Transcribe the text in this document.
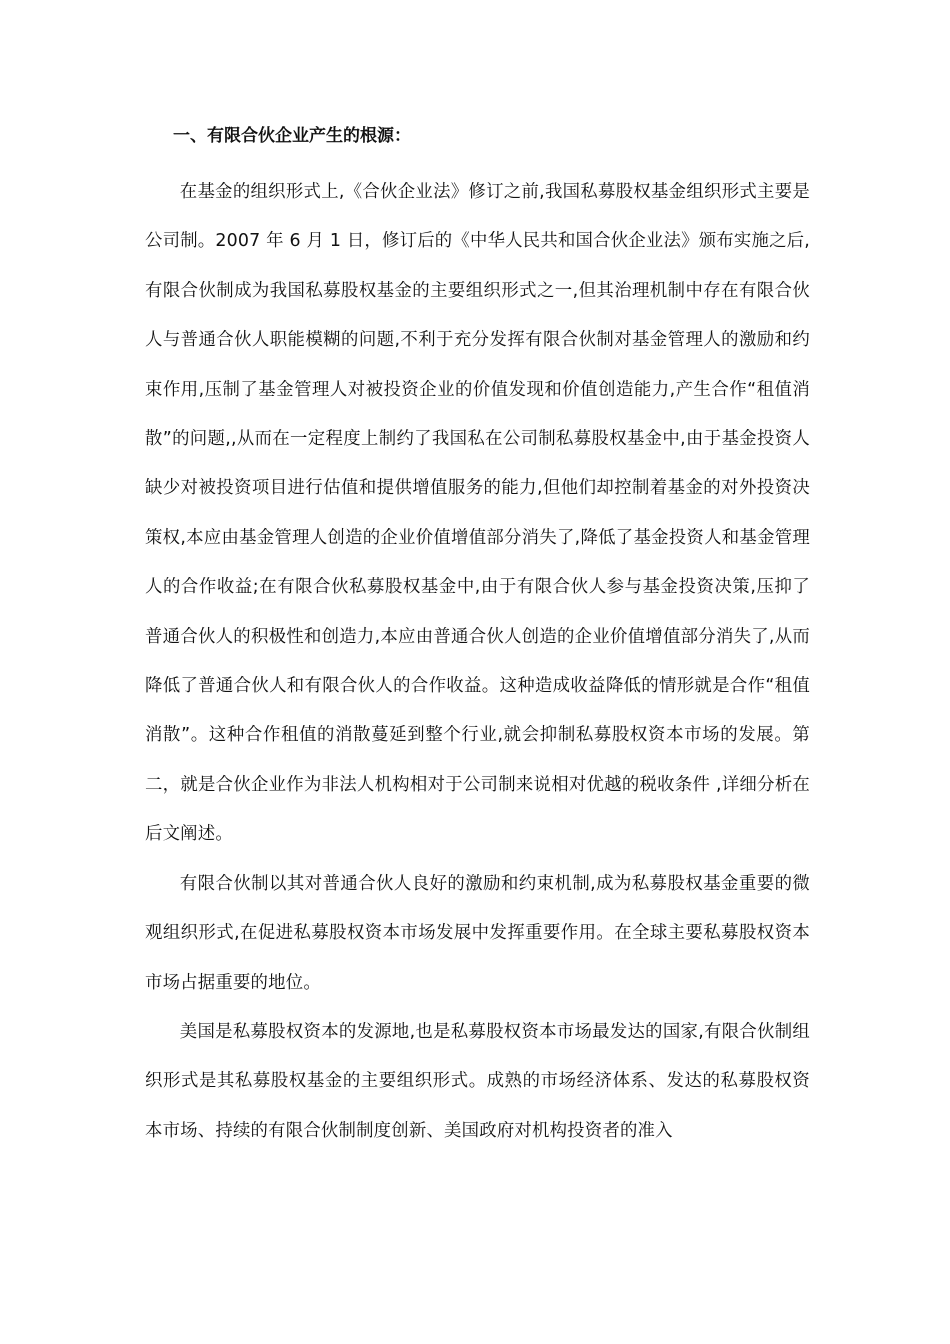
一、有限合伙企业产生的根源：

在基金的组织形式上,《合伙企业法》修订之前,我国私募股权基金组织形式主要是公司制。2007 年 6 月 1 日，修订后的《中华人民共和国合伙企业法》颁布实施之后,有限合伙制成为我国私募股权基金的主要组织形式之一,但其治理机制中存在有限合伙人与普通合伙人职能模糊的问题,不利于充分发挥有限合伙制对基金管理人的激励和约束作用,压制了基金管理人对被投资企业的价值发现和价值创造能力,产生合作“租值消散”的问题,,从而在一定程度上制约了我国私在公司制私募股权基金中,由于基金投资人缺少对被投资项目进行估值和提供增值服务的能力,但他们却控制着基金的对外投资决策权,本应由基金管理人创造的企业价值增值部分消失了,降低了基金投资人和基金管理人的合作收益;在有限合伙私募股权基金中,由于有限合伙人参与基金投资决策,压抑了普通合伙人的积极性和创造力,本应由普通合伙人创造的企业价值增值部分消失了,从而降低了普通合伙人和有限合伙人的合作收益。这种造成收益降低的情形就是合作“租值消散”。这种合作租值的消散蔓延到整个行业,就会抑制私募股权资本市场的发展。第二，就是合伙企业作为非法人机构相对于公司制来说相对优越的税收条件 ,详细分析在后文阐述。

有限合伙制以其对普通合伙人良好的激励和约束机制,成为私募股权基金重要的微观组织形式,在促进私募股权资本市场发展中发挥重要作用。在全球主要私募股权资本市场占据重要的地位。

美国是私募股权资本的发源地,也是私募股权资本市场最发达的国家,有限合伙制组织形式是其私募股权基金的主要组织形式。成熟的市场经济体系、发达的私募股权资本市场、持续的有限合伙制制度创新、美国政府对机构投资者的准入
